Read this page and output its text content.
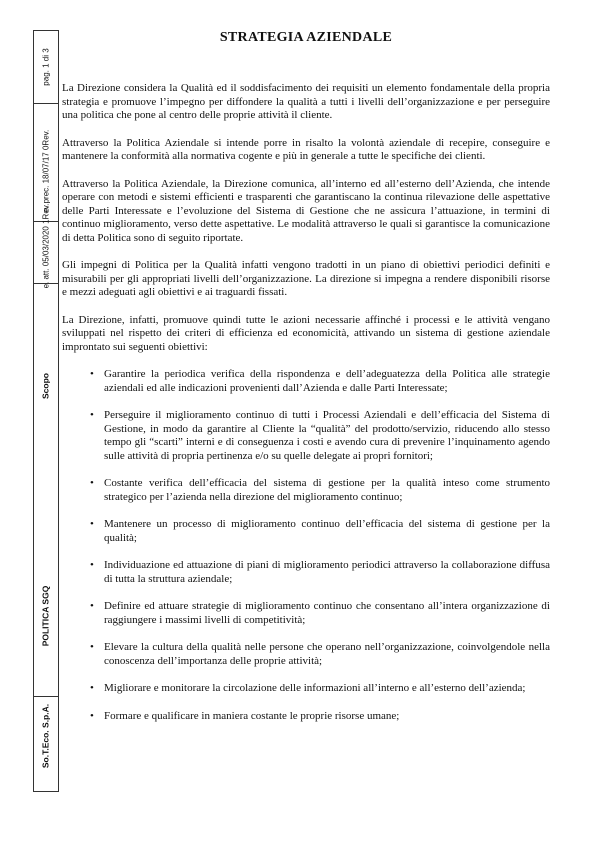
pag. 1 di 3
e. prec. 18/07/17 0Rev.
e. att. 05/03/2020 1Rev.
Scopo
POLITICA SGQ
So.T.Eco. S.p.A.
STRATEGIA AZIENDALE

La Direzione considera la Qualità ed il soddisfacimento dei requisiti un elemento fondamentale della propria strategia e promuove l’impegno per diffondere la qualità a tutti i livelli dell’organizzazione e per perseguire una politica che pone al centro delle proprie attività il cliente.

Attraverso la Politica Aziendale si intende porre in risalto la volontà aziendale di recepire, conseguire e mantenere la conformità alla normativa cogente e più in generale a tutte le specifiche dei clienti.

Attraverso la Politica Aziendale, la Direzione comunica, all’interno ed all’esterno dell’Azienda, che intende operare con metodi e sistemi efficienti e trasparenti che garantiscano la continua rilevazione delle aspettative delle Parti Interessate e l’evoluzione del Sistema di Gestione che ne assicura l’attuazione, in termini di continuo miglioramento, verso dette aspettative. Le modalità attraverso le quali si garantisce la comunicazione di detta Politica sono di seguito riportate.

Gli impegni di Politica per la Qualità infatti vengono tradotti in un piano di obiettivi periodici definiti e misurabili per gli appropriati livelli dell’organizzazione. La direzione si impegna a rendere disponibili risorse e mezzi adeguati agli obiettivi e ai traguardi fissati.

La Direzione, infatti, promuove quindi tutte le azioni necessarie affinché i processi e le attività vengano sviluppati nel rispetto dei criteri di efficienza ed economicità, attivando un sistema di gestione aziendale improntato sui seguenti obiettivi:

• Garantire la periodica verifica della rispondenza e dell’adeguatezza della Politica alle strategie aziendali ed alle indicazioni provenienti dall’Azienda e dalle Parti Interessate;
• Perseguire il miglioramento continuo di tutti i Processi Aziendali e dell’efficacia del Sistema di Gestione, in modo da garantire al Cliente la “qualità” del prodotto/servizio, riducendo allo stesso tempo gli “scarti” interni e di conseguenza i costi e avendo cura di prevenire l’inquinamento agendo sulle attività di propria pertinenza e/o su quelle delegate ai propri fornitori;
• Costante verifica dell’efficacia del sistema di gestione per la qualità inteso come strumento strategico per l’azienda nella direzione del miglioramento continuo;
• Mantenere un processo di miglioramento continuo dell’efficacia del sistema di gestione per la qualità;
• Individuazione ed attuazione di piani di miglioramento periodici attraverso la collaborazione diffusa di tutta la struttura aziendale;
• Definire ed attuare strategie di miglioramento continuo che consentano all’intera organizzazione di raggiungere i massimi livelli di competitività;
• Elevare la cultura della qualità nelle persone che operano nell’organizzazione, coinvolgendole nella conoscenza dell’importanza delle proprie attività;
• Migliorare e monitorare la circolazione delle informazioni all’interno e all’esterno dell’azienda;
• Formare e qualificare in maniera costante le proprie risorse umane;
